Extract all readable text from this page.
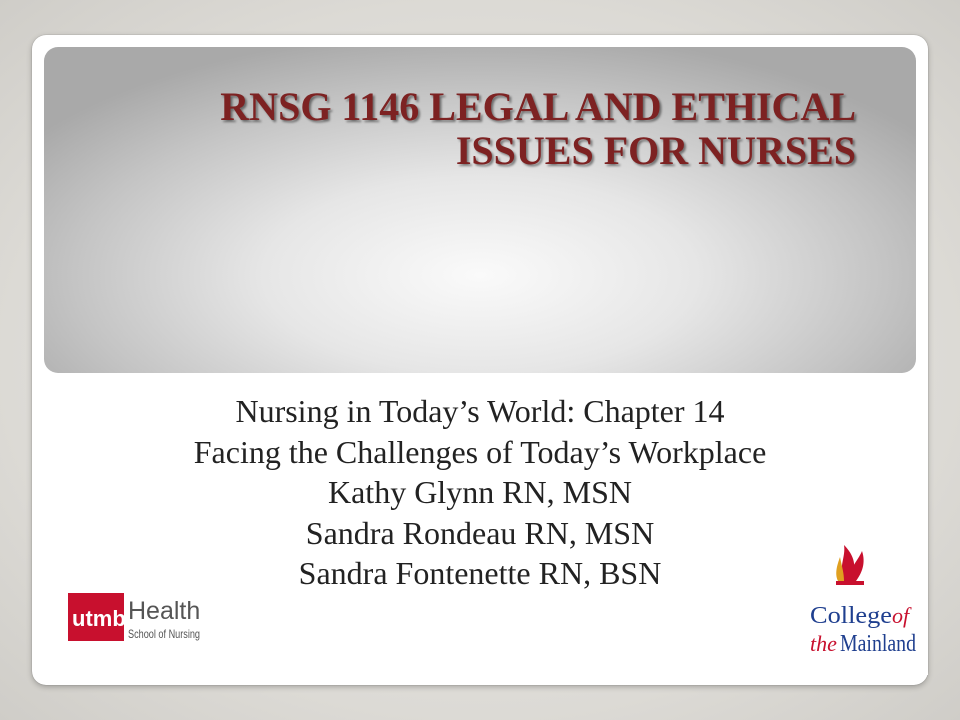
RNSG 1146 LEGAL AND ETHICAL
ISSUES FOR NURSES
Nursing in Today’s World: Chapter 14
Facing the Challenges of Today’s Workplace
Kathy Glynn RN, MSN
Sandra Rondeau RN, MSN
Sandra Fontenette RN, BSN
utmb Health
School of Nursing
College of
the Mainland
